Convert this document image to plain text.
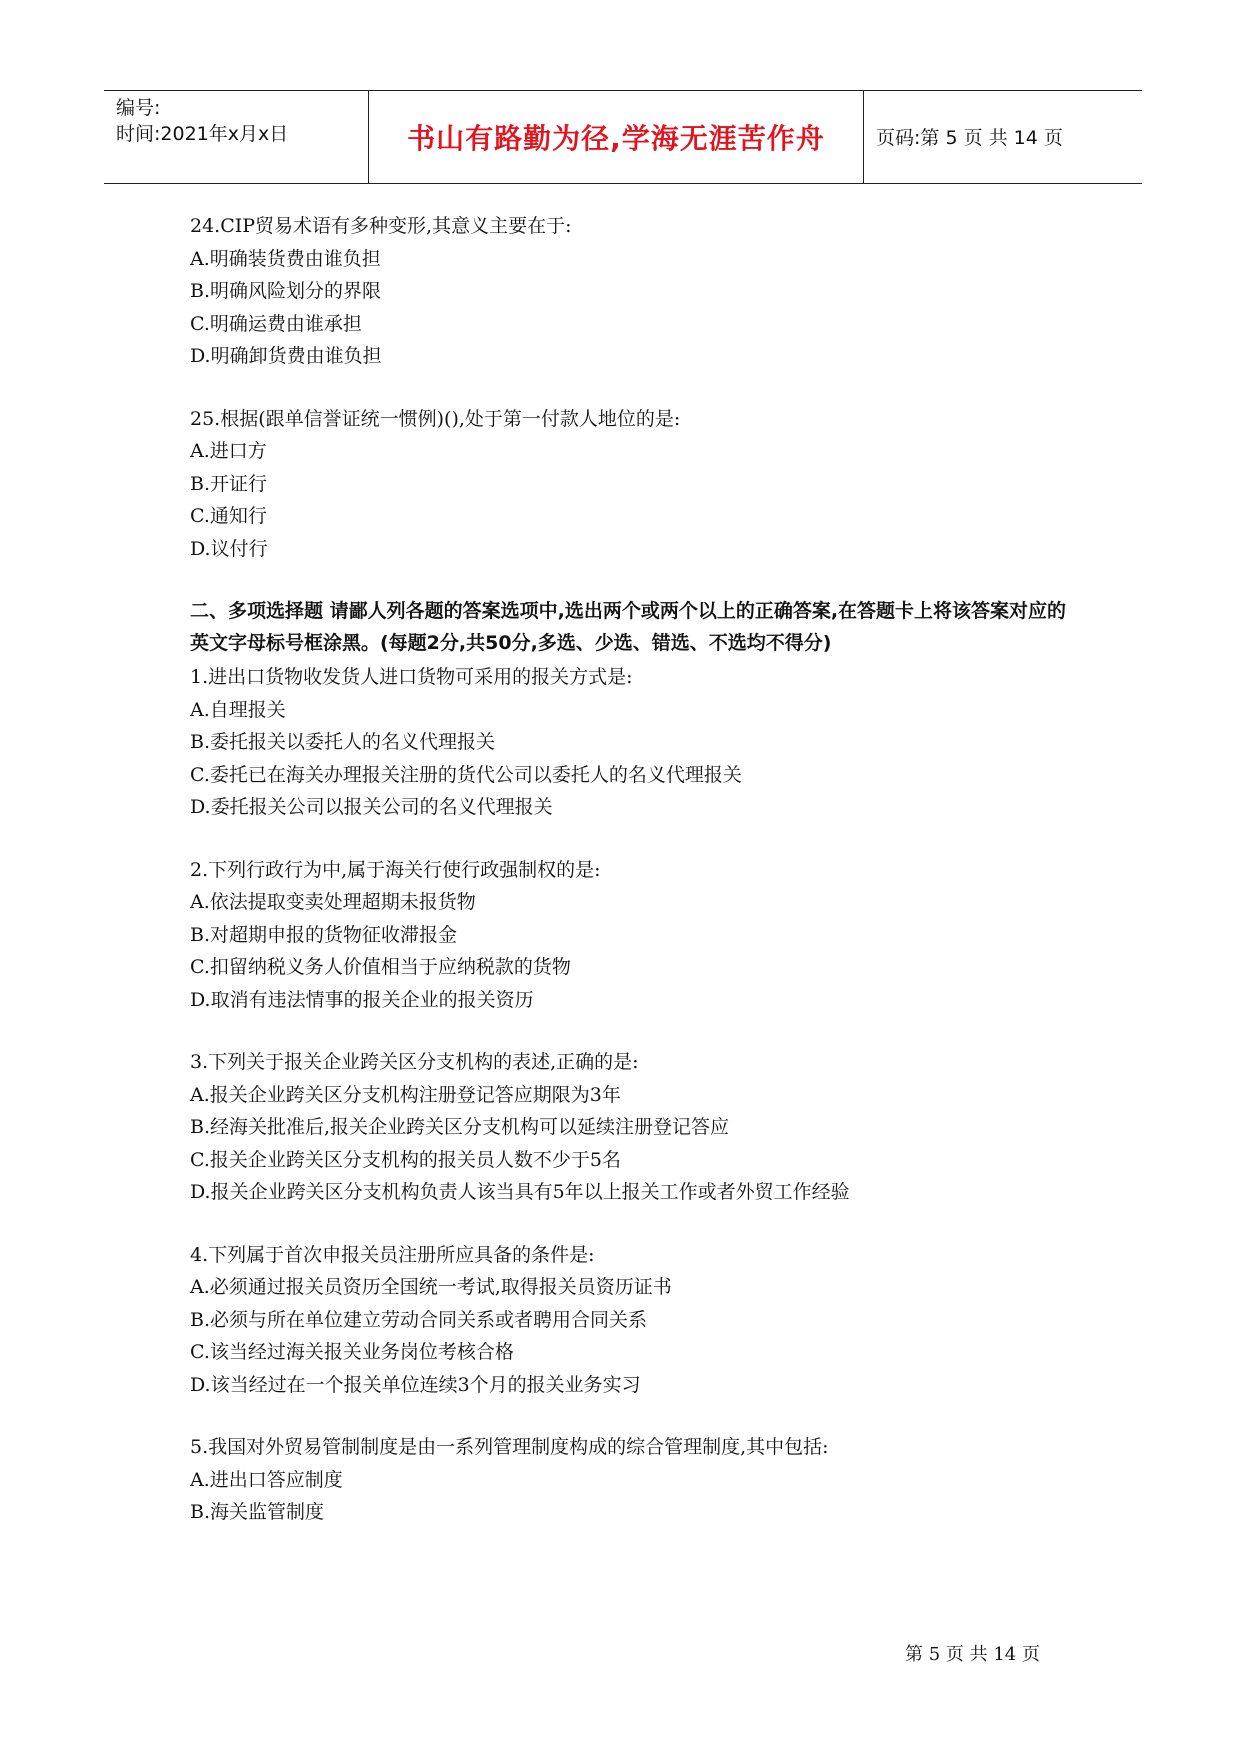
编号:
时间:2021年x月x日	书山有路勤为径,学海无涯苦作舟	页码:第 5 页 共 14 页
24.CIP贸易术语有多种变形,其意义主要在于:
A.明确装货费由谁负担
B.明确风险划分的界限
C.明确运费由谁承担
D.明确卸货费由谁负担
25.根据(跟单信誉证统一惯例)(),处于第一付款人地位的是:
A.进口方
B.开证行
C.通知行
D.议付行
二、多项选择题 请鄙人列各题的答案选项中,选出两个或两个以上的正确答案,在答题卡上将该答案对应的英文字母标号框涂黑。(每题2分,共50分,多选、少选、错选、不选均不得分)
1.进出口货物收发货人进口货物可采用的报关方式是:
A.自理报关
B.委托报关以委托人的名义代理报关
C.委托已在海关办理报关注册的货代公司以委托人的名义代理报关
D.委托报关公司以报关公司的名义代理报关
2.下列行政行为中,属于海关行使行政强制权的是:
A.依法提取变卖处理超期未报货物
B.对超期申报的货物征收滞报金
C.扣留纳税义务人价值相当于应纳税款的货物
D.取消有违法情事的报关企业的报关资历
3.下列关于报关企业跨关区分支机构的表述,正确的是:
A.报关企业跨关区分支机构注册登记答应期限为3年
B.经海关批准后,报关企业跨关区分支机构可以延续注册登记答应
C.报关企业跨关区分支机构的报关员人数不少于5名
D.报关企业跨关区分支机构负责人该当具有5年以上报关工作或者外贸工作经验
4.下列属于首次申报关员注册所应具备的条件是:
A.必须通过报关员资历全国统一考试,取得报关员资历证书
B.必须与所在单位建立劳动合同关系或者聘用合同关系
C.该当经过海关报关业务岗位考核合格
D.该当经过在一个报关单位连续3个月的报关业务实习
5.我国对外贸易管制制度是由一系列管理制度构成的综合管理制度,其中包括:
A.进出口答应制度
B.海关监管制度
第 5 页 共 14 页
